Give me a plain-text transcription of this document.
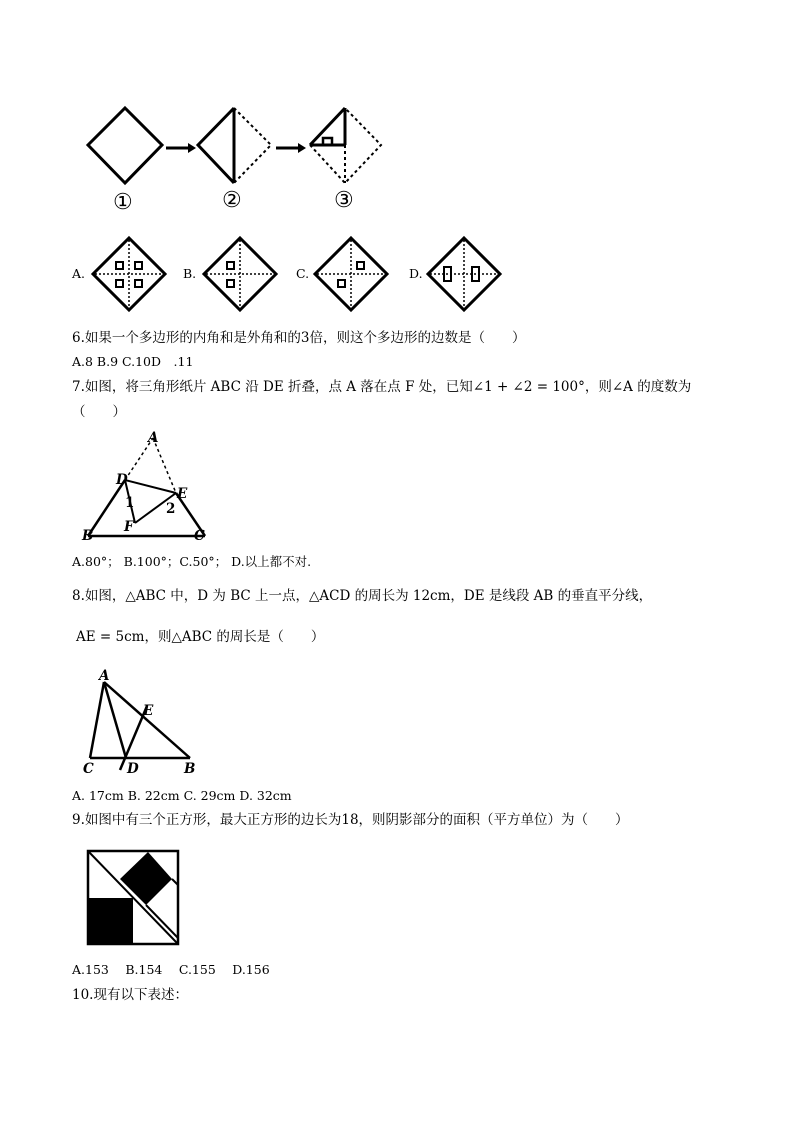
①	②	③
A.	B.	C.	D.
6.如果一个多边形的内角和是外角和的3倍，则这个多边形的边数是（　　）
A.8 B.9 C.10D　.11
7.如图，将三角形纸片 ABC 沿 DE 折叠，点 A 落在点 F 处，已知∠1 + ∠2 = 100°，则∠A 的度数为
（　　）
A
D
E
1 2
F
B	C
A.80°； B.100°；C.50°； D.以上都不对.
8.如图，△ABC 中，D 为 BC 上一点，△ACD 的周长为 12cm，DE 是线段 AB 的垂直平分线，
AE = 5cm，则△ABC 的周长是（　　）
A
E
C D	B
A. 17cm B. 22cm C. 29cm D. 32cm
9.如图中有三个正方形，最大正方形的边长为18，则阴影部分的面积（平方单位）为（　　）
A.153　 B.154　 C.155　 D.156
10.现有以下表述：
